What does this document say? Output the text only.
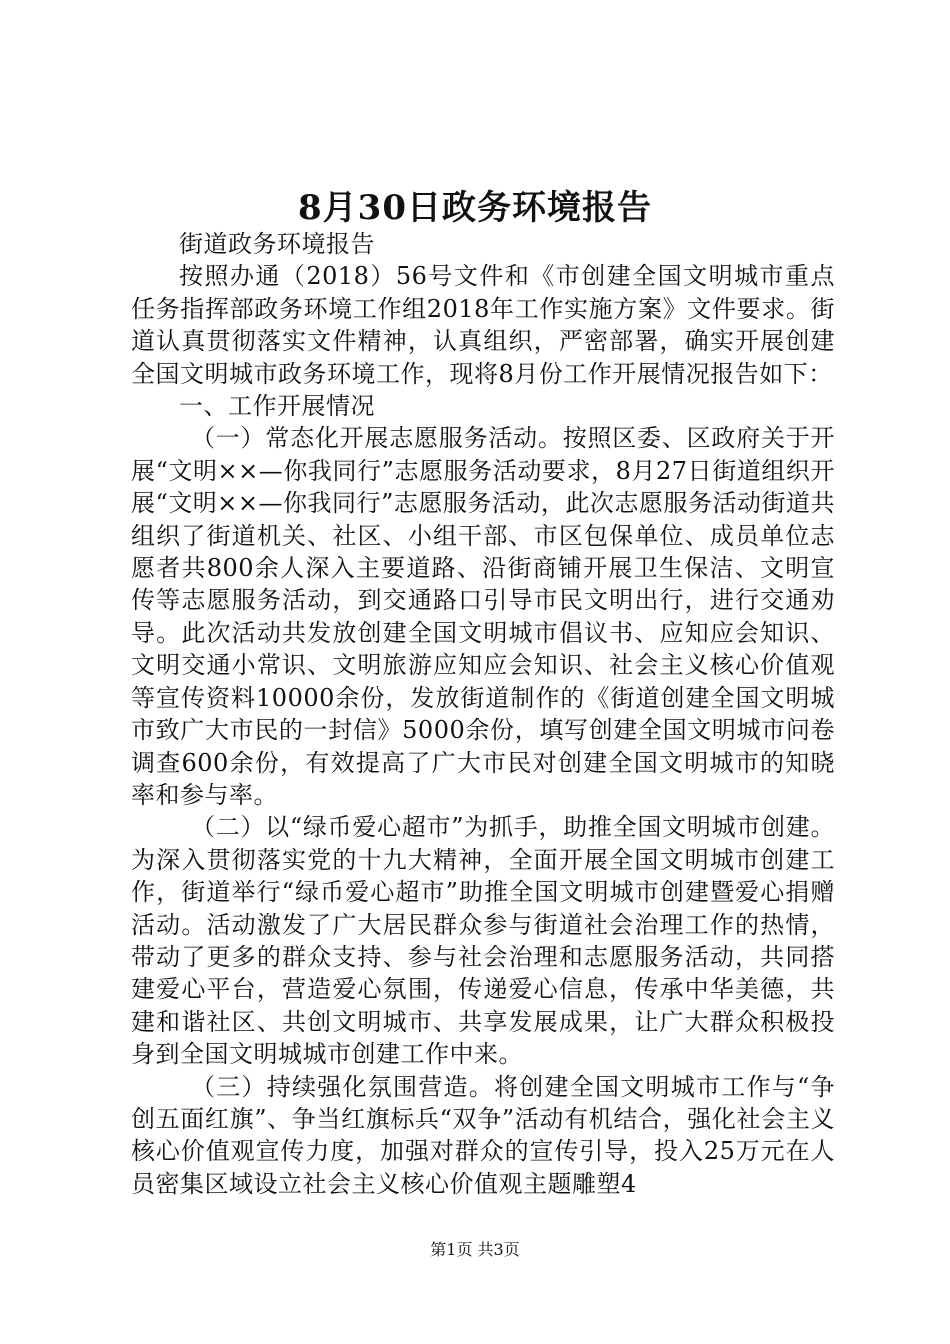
8月30日政务环境报告

街道政务环境报告

按照办通（2018）56号文件和《市创建全国文明城市重点任务指挥部政务环境工作组2018年工作实施方案》文件要求。街道认真贯彻落实文件精神，认真组织，严密部署，确实开展创建全国文明城市政务环境工作，现将8月份工作开展情况报告如下：

一、工作开展情况

（一）常态化开展志愿服务活动。按照区委、区政府关于开展“文明××—你我同行”志愿服务活动要求，8月27日街道组织开展“文明××—你我同行”志愿服务活动，此次志愿服务活动街道共组织了街道机关、社区、小组干部、市区包保单位、成员单位志愿者共800余人深入主要道路、沿街商铺开展卫生保洁、文明宣传等志愿服务活动，到交通路口引导市民文明出行，进行交通劝导。此次活动共发放创建全国文明城市倡议书、应知应会知识、文明交通小常识、文明旅游应知应会知识、社会主义核心价值观等宣传资料10000余份，发放街道制作的《街道创建全国文明城市致广大市民的一封信》5000余份，填写创建全国文明城市问卷调查600余份，有效提高了广大市民对创建全国文明城市的知晓率和参与率。

（二）以“绿币爱心超市”为抓手，助推全国文明城市创建。为深入贯彻落实党的十九大精神，全面开展全国文明城市创建工作，街道举行“绿币爱心超市”助推全国文明城市创建暨爱心捐赠活动。活动激发了广大居民群众参与街道社会治理工作的热情，带动了更多的群众支持、参与社会治理和志愿服务活动，共同搭建爱心平台，营造爱心氛围，传递爱心信息，传承中华美德，共建和谐社区、共创文明城市、共享发展成果，让广大群众积极投身到全国文明城城市创建工作中来。

（三）持续强化氛围营造。将创建全国文明城市工作与“争创五面红旗”、争当红旗标兵“双争”活动有机结合，强化社会主义核心价值观宣传力度，加强对群众的宣传引导，投入25万元在人员密集区域设立社会主义核心价值观主题雕塑4

第1页 共3页
